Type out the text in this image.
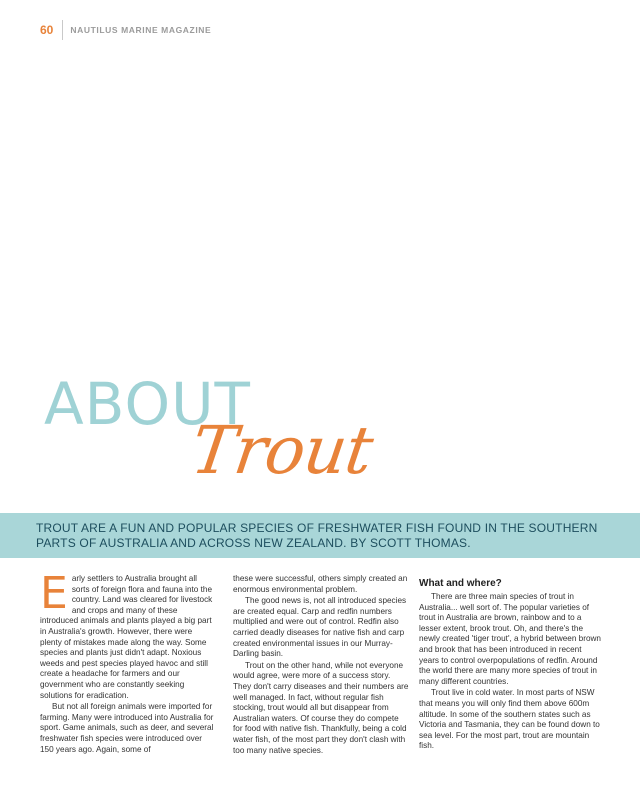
60 NAUTILUS MARINE MAGAZINE
ABOUT
Trout

TROUT ARE A FUN AND POPULAR SPECIES OF FRESHWATER FISH FOUND IN THE SOUTHERN PARTS OF AUSTRALIA AND ACROSS NEW ZEALAND. BY SCOTT THOMAS.

Early settlers to Australia brought all sorts of foreign flora and fauna into the country. Land was cleared for livestock and crops and many of these introduced animals and plants played a big part in Australia's growth. However, there were plenty of mistakes made along the way. Some species and plants just didn't adapt. Noxious weeds and pest species played havoc and still create a headache for farmers and our government who are constantly seeking solutions for eradication.

But not all foreign animals were imported for farming. Many were introduced into Australia for sport. Game animals, such as deer, and several freshwater fish species were introduced over 150 years ago. Again, some of

these were successful, others simply created an enormous environmental problem.

The good news is, not all introduced species are created equal. Carp and redfin numbers multiplied and were out of control. Redfin also carried deadly diseases for native fish and carp created environmental issues in our Murray-Darling basin.

Trout on the other hand, while not everyone would agree, were more of a success story. They don't carry diseases and their numbers are well managed. In fact, without regular fish stocking, trout would all but disappear from Australian waters. Of course they do compete for food with native fish. Thankfully, being a cold water fish, of the most part they don't clash with too many native species.

What and where?

There are three main species of trout in Australia... well sort of. The popular varieties of trout in Australia are brown, rainbow and to a lesser extent, brook trout. Oh, and there's the newly created 'tiger trout', a hybrid between brown and brook that has been introduced in recent years to control overpopulations of redfin. Around the world there are many more species of trout in many different countries.

Trout live in cold water. In most parts of NSW that means you will only find them above 600m altitude. In some of the southern states such as Victoria and Tasmania, they can be found down to sea level. For the most part, trout are mountain fish.
